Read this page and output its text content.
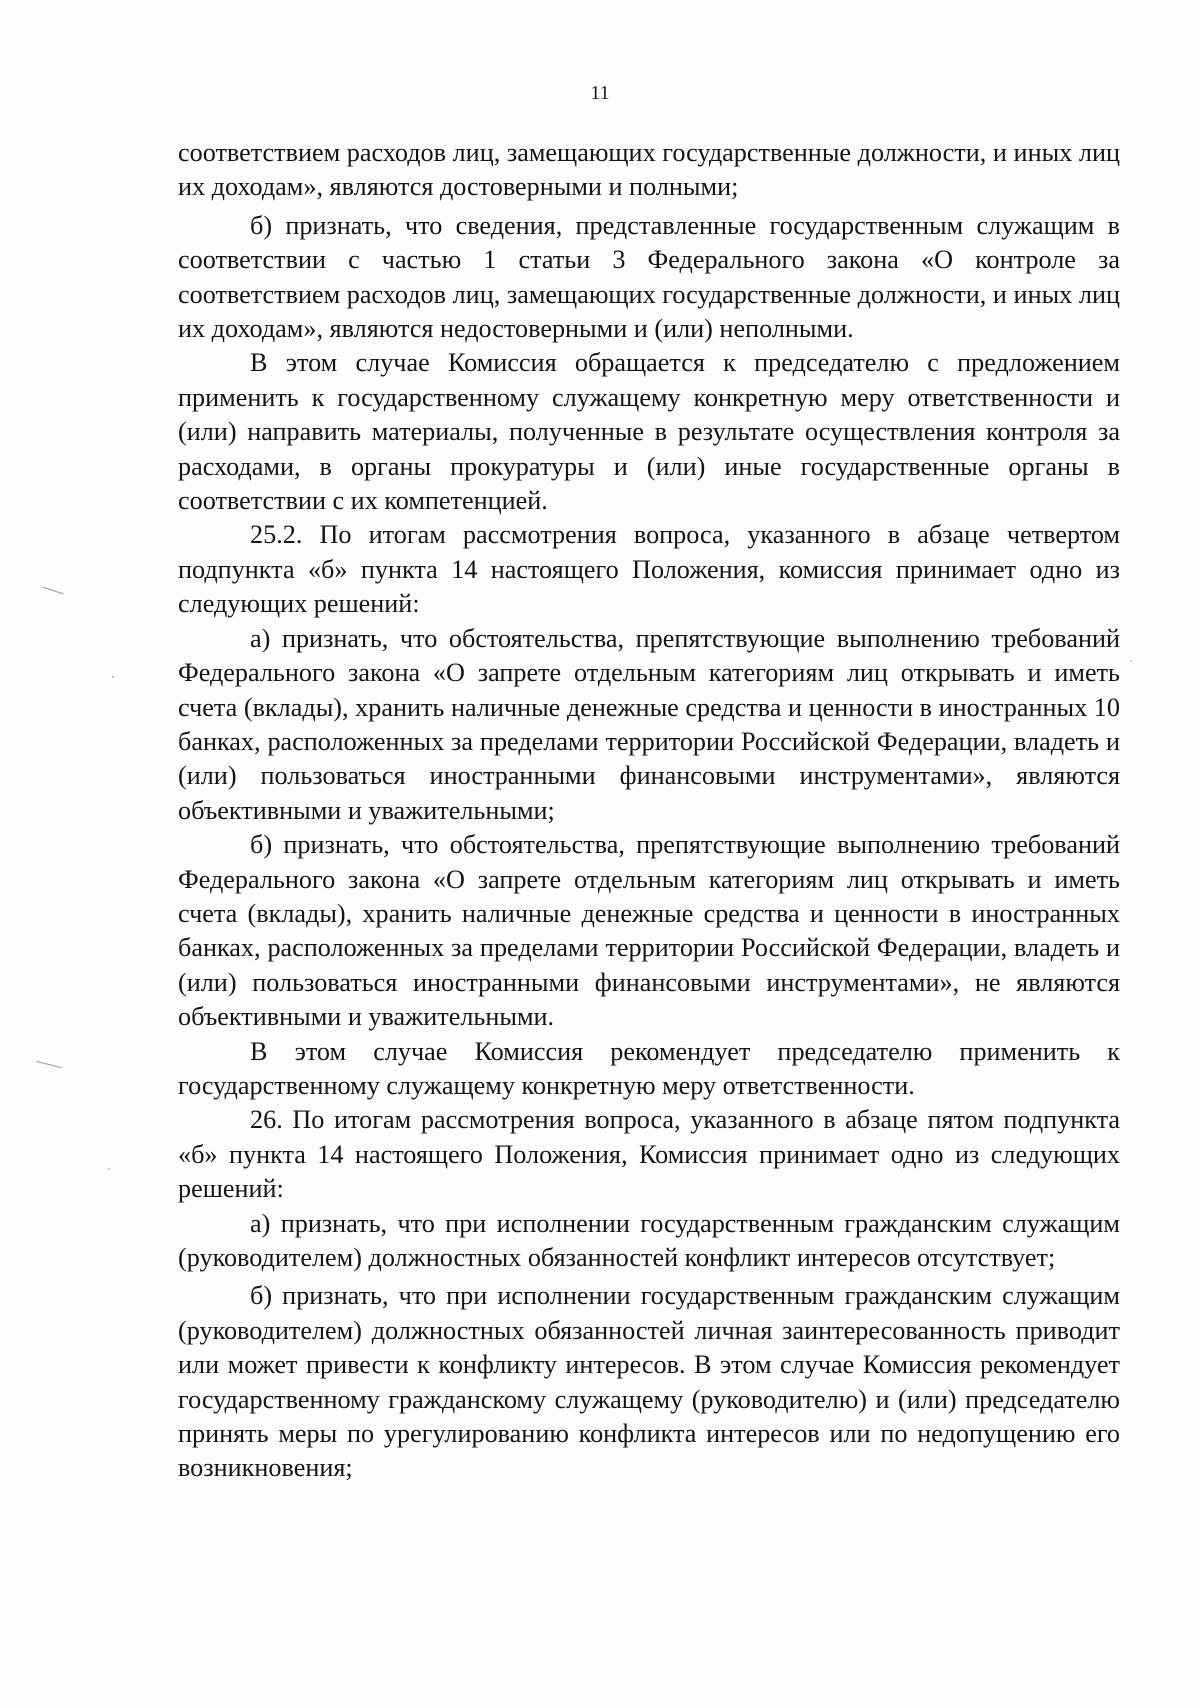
11

соответствием расходов лиц, замещающих государственные должности, и иных лиц их доходам», являются достоверными и полными;

б) признать, что сведения, представленные государственным служащим в соответствии с частью 1 статьи 3 Федерального закона «О контроле за соответствием расходов лиц, замещающих государственные должности, и иных лиц их доходам», являются недостоверными и (или) неполными.

В этом случае Комиссия обращается к председателю с предложением применить к государственному служащему конкретную меру ответственности и (или) направить материалы, полученные в результате осуществления контроля за расходами, в органы прокуратуры и (или) иные государственные органы в соответствии с их компетенцией.

25.2. По итогам рассмотрения вопроса, указанного в абзаце четвертом подпункта «б» пункта 14 настоящего Положения, комиссия принимает одно из следующих решений:

а) признать, что обстоятельства, препятствующие выполнению требований Федерального закона «О запрете отдельным категориям лиц открывать и иметь счета (вклады), хранить наличные денежные средства и ценности в иностранных 10 банках, расположенных за пределами территории Российской Федерации, владеть и (или) пользоваться иностранными финансовыми инструментами», являются объективными и уважительными;

б) признать, что обстоятельства, препятствующие выполнению требований Федерального закона «О запрете отдельным категориям лиц открывать и иметь счета (вклады), хранить наличные денежные средства и ценности в иностранных банках, расположенных за пределами территории Российской Федерации, владеть и (или) пользоваться иностранными финансовыми инструментами», не являются объективными и уважительными.

В этом случае Комиссия рекомендует председателю применить к государственному служащему конкретную меру ответственности.

26. По итогам рассмотрения вопроса, указанного в абзаце пятом подпункта «б» пункта 14 настоящего Положения, Комиссия принимает одно из следующих решений:

а) признать, что при исполнении государственным гражданским служащим (руководителем) должностных обязанностей конфликт интересов отсутствует;

б) признать, что при исполнении государственным гражданским служащим (руководителем) должностных обязанностей личная заинтересованность приводит или может привести к конфликту интересов. В этом случае Комиссия рекомендует государственному гражданскому служащему (руководителю) и (или) председателю принять меры по урегулированию конфликта интересов или по недопущению его возникновения;
